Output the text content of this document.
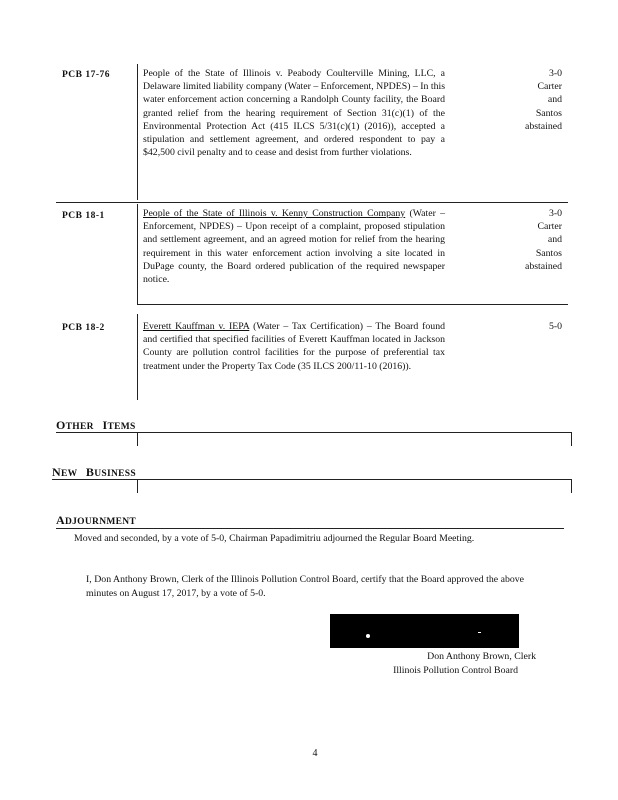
PCB 17-76	People of the State of Illinois v. Peabody Coulterville Mining, LLC, a Delaware limited liability company (Water – Enforcement, NPDES) – In this water enforcement action concerning a Randolph County facility, the Board granted relief from the hearing requirement of Section 31(c)(1) of the Environmental Protection Act (415 ILCS 5/31(c)(1) (2016)), accepted a stipulation and settlement agreement, and ordered respondent to pay a $42,500 civil penalty and to cease and desist from further violations.
3-0
Carter
and
Santos
abstained
PCB 18-1	People of the State of Illinois v. Kenny Construction Company (Water – Enforcement, NPDES) – Upon receipt of a complaint, proposed stipulation and settlement agreement, and an agreed motion for relief from the hearing requirement in this water enforcement action involving a site located in DuPage county, the Board ordered publication of the required newspaper notice.
3-0
Carter
and
Santos
abstained
PCB 18-2	Everett Kauffman v. IEPA (Water – Tax Certification) – The Board found and certified that specified facilities of Everett Kauffman located in Jackson County are pollution control facilities for the purpose of preferential tax treatment under the Property Tax Code (35 ILCS 200/11-10 (2016)).
5-0
OTHER ITEMS
NEW BUSINESS
ADJOURNMENT
Moved and seconded, by a vote of 5-0, Chairman Papadimitriu adjourned the Regular Board Meeting.
I, Don Anthony Brown, Clerk of the Illinois Pollution Control Board, certify that the Board approved the above minutes on August 17, 2017, by a vote of 5-0.
Don Anthony Brown, Clerk
Illinois Pollution Control Board
4
